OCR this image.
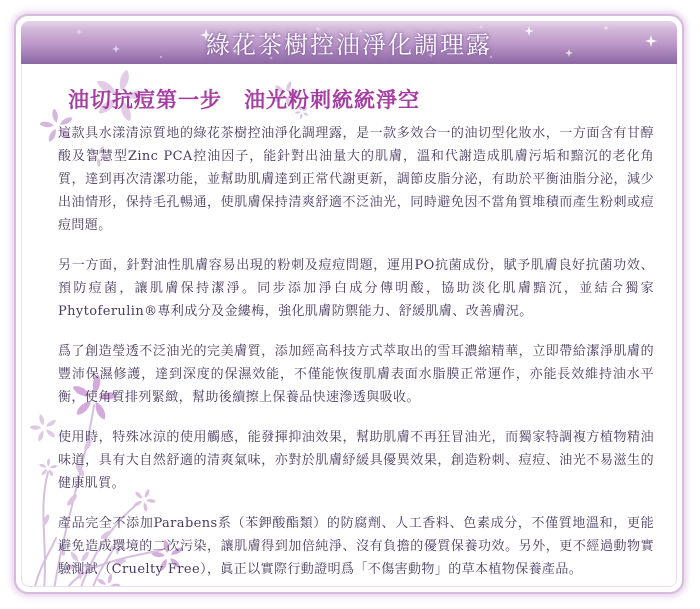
綠花茶樹控油淨化調理露
油切抗痘第一步　油光粉刺統統淨空

這款具水漾清涼質地的綠花茶樹控油淨化調理露，是一款多效合一的油切型化妝水，一方面含有甘醇酸及智慧型Zinc PCA控油因子，能針對出油量大的肌膚，溫和代謝造成肌膚污垢和黯沉的老化角質，達到再次清潔功能，並幫助肌膚達到正常代謝更新，調節皮脂分泌，有助於平衡油脂分泌，減少出油情形，保持毛孔暢通，使肌膚保持清爽舒適不泛油光，同時避免因不當角質堆積而產生粉刺或痘痘問題。

另一方面，針對油性肌膚容易出現的粉刺及痘痘問題，運用PO抗菌成份，賦予肌膚良好抗菌功效、預防痘菌，讓肌膚保持潔淨。同步添加淨白成分傳明酸，協助淡化肌膚黯沉，並結合獨家Phytoferulin®專利成分及金縷梅，強化肌膚防禦能力、舒緩肌膚、改善膚況。

爲了創造瑩透不泛油光的完美膚質，添加經高科技方式萃取出的雪耳濃縮精華，立即帶給潔淨肌膚的豐沛保濕修護，達到深度的保濕效能，不僅能恢復肌膚表面水脂膜正常運作，亦能長效維持油水平衡，使角質排列緊緻，幫助後續擦上保養品快速滲透與吸收。

使用時，特殊冰涼的使用觸感，能發揮抑油效果，幫助肌膚不再狂冒油光，而獨家特調複方植物精油味道，具有大自然舒適的清爽氣味，亦對於肌膚紓緩具優異效果，創造粉刺、痘痘、油光不易滋生的健康肌質。

產品完全不添加Parabens系（苯鉀酸酯類）的防腐劑、人工香料、色素成分，不僅質地溫和，更能避免造成環境的二次污染，讓肌膚得到加倍純淨、沒有負擔的優質保養功效。另外，更不經過動物實驗測試（Cruelty Free），眞正以實際行動證明爲「不傷害動物」的草本植物保養產品。
